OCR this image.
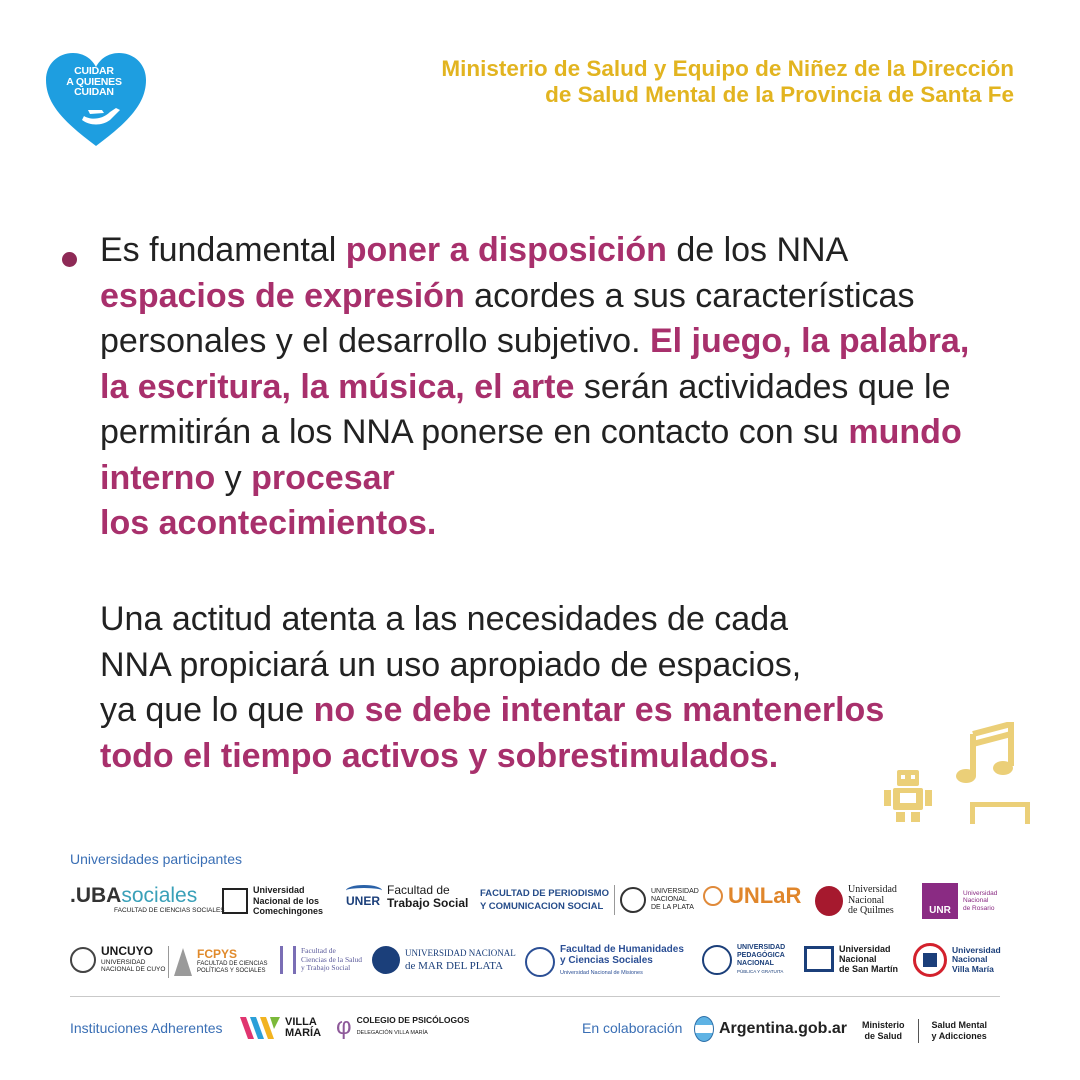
CUIDAR
A QUIENES
CUIDAN
Ministerio de Salud y Equipo de Niñez de la Dirección
de Salud Mental de la Provincia de Santa Fe
Es fundamental poner a disposición de los NNA
espacios de expresión acordes a sus características personales y el desarrollo subjetivo. El juego, la palabra, la escritura, la música, el arte serán actividades que le permitirán a los NNA ponerse en contacto con su mundo interno y procesar
los acontecimientos.
Una actitud atenta a las necesidades de cada
NNA propiciará un uso apropiado de espacios,
ya que lo que no se debe intentar es mantenerlos
todo el tiempo activos y sobrestimulados.
Universidades participantes
.UBAsociales
FACULTAD DE CIENCIAS SOCIALES
Universidad
Nacional de los
Comechingones
UNER
Facultad de
Trabajo Social
FACULTAD DE PERIODISMO
Y COMUNICACION SOCIAL
UNIVERSIDAD
NACIONAL
DE LA PLATA UNLaR	Universidad
Nacional
de Quilmes	UNR
Universidad
Nacional
de Rosario
UNCUYO
UNIVERSIDAD
NACIONAL DE CUYO
FCPYS
FACULTAD DE CIENCIAS
POLÍTICAS Y SOCIALES
Facultad de
Ciencias de la Salud
y Trabajo Social
UNIVERSIDAD NACIONAL
de MAR DEL PLATA
Facultad de Humanidades
y Ciencias Sociales
Universidad Nacional de Misiones
UNIVERSIDAD
PEDAGÓGICA
NACIONAL
PÚBLICA Y GRATUITA
Universidad
Nacional
de San Martín
Universidad
Nacional
Villa María
Instituciones Adherentes	VILLA
MARÍA φ COLEGIO DE PSICÓLOGOS
DELEGACIÓN VILLA MARÍA	En colaboración Argentina.gob.ar Ministerio
de Salud
Salud Mental
y Adicciones
